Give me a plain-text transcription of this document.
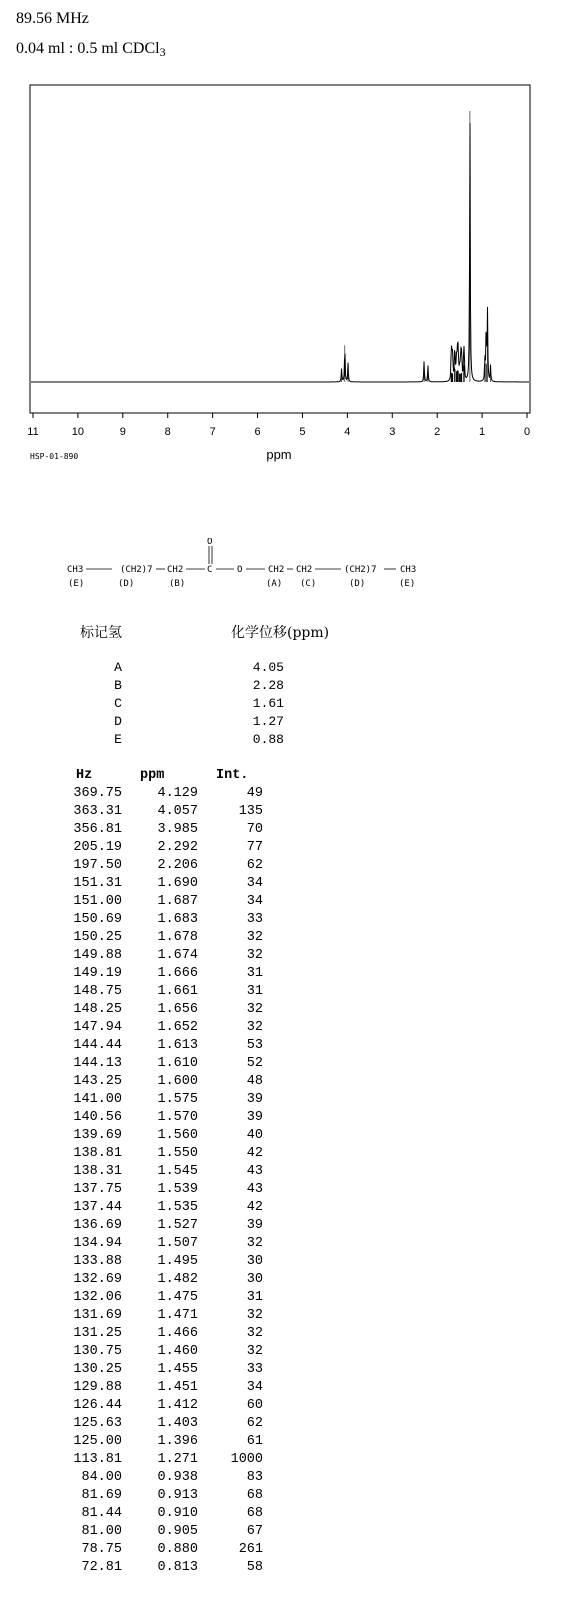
89.56 MHz
0.04 ml : 0.5 ml CDCl$_3$
11	10	9	8	7	6	5	4	3	2	1	0
ppm
HSP-01-890
O
CH3	(CH2)7 CH2	C	O	CH2 CH2	(CH2)7	CH3
(E)	(D)	(B)	(A) (C)	(D)	(E)
标记氢	化学位移(ppm)
A	4.05
B	2.28
C	1.61
D	1.27
E	0.88
Hz	ppm	Int.
369.75	4.129	49
363.31	4.057	135
356.81	3.985	70
205.19	2.292	77
197.50	2.206	62
151.31	1.690	34
151.00	1.687	34
150.69	1.683	33
150.25	1.678	32
149.88	1.674	32
149.19	1.666	31
148.75	1.661	31
148.25	1.656	32
147.94	1.652	32
144.44	1.613	53
144.13	1.610	52
143.25	1.600	48
141.00	1.575	39
140.56	1.570	39
139.69	1.560	40
138.81	1.550	42
138.31	1.545	43
137.75	1.539	43
137.44	1.535	42
136.69	1.527	39
134.94	1.507	32
133.88	1.495	30
132.69	1.482	30
132.06	1.475	31
131.69	1.471	32
131.25	1.466	32
130.75	1.460	32
130.25	1.455	33
129.88	1.451	34
126.44	1.412	60
125.63	1.403	62
125.00	1.396	61
113.81	1.271	1000
84.00	0.938	83
81.69	0.913	68
81.44	0.910	68
81.00	0.905	67
78.75	0.880	261
72.81	0.813	58
